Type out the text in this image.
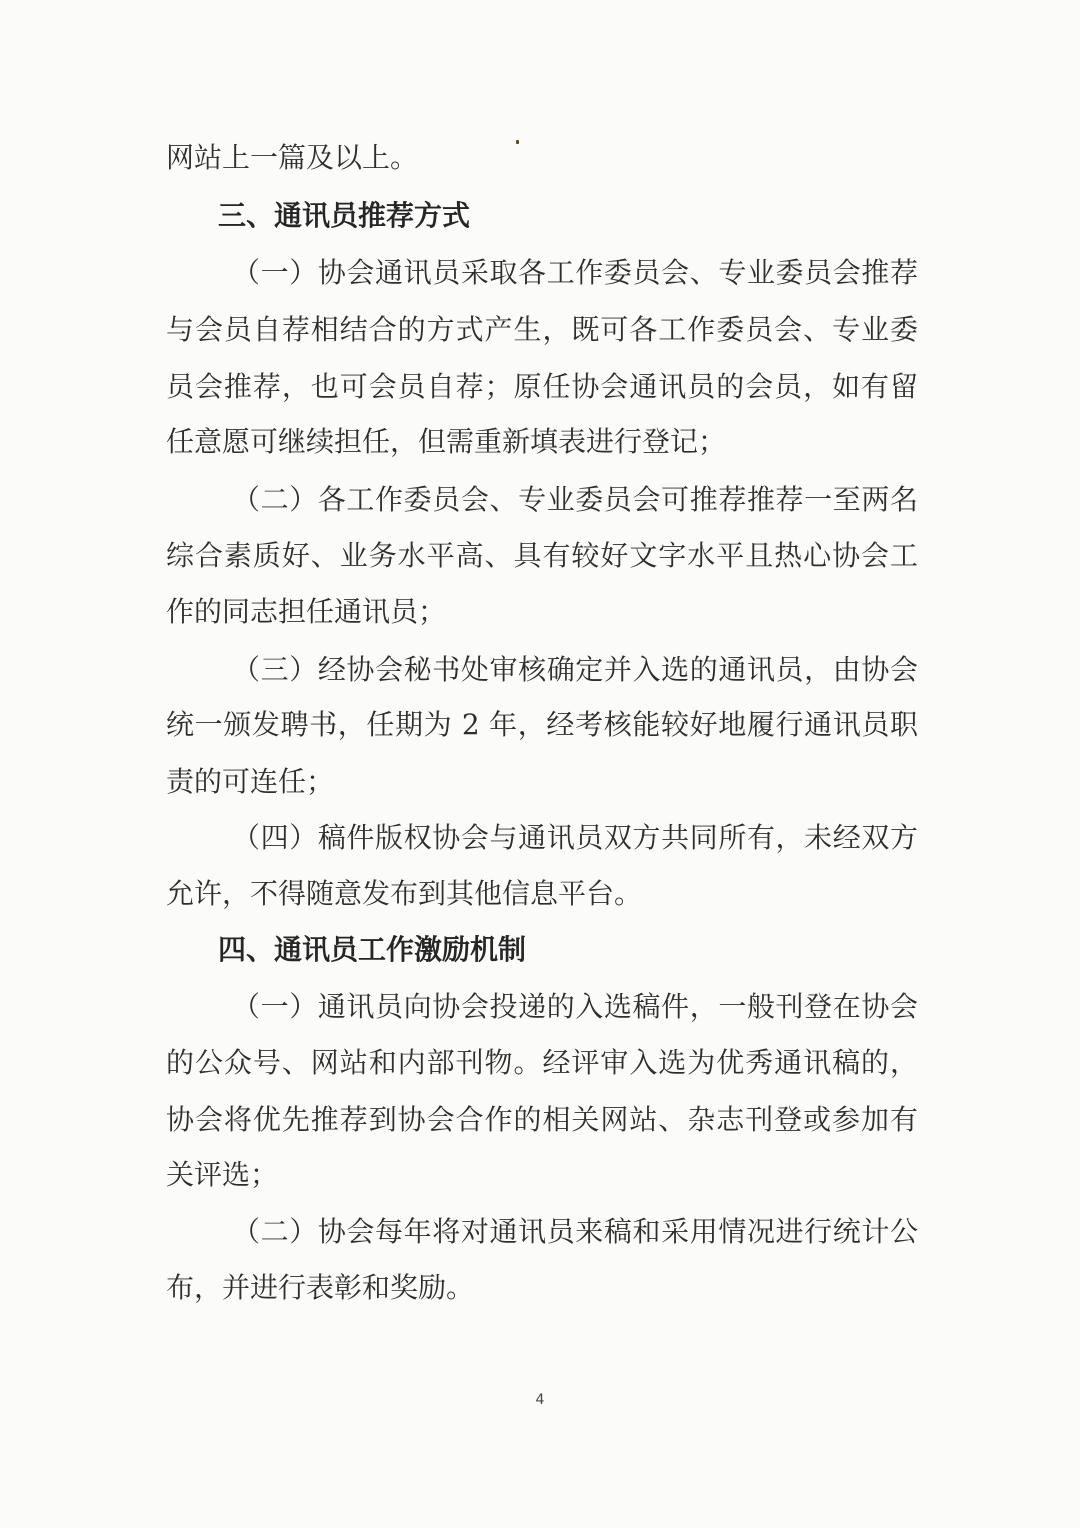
网站上一篇及以上。
三、通讯员推荐方式
（一）协会通讯员采取各工作委员会、专业委员会推荐
与会员自荐相结合的方式产生，既可各工作委员会、专业委
员会推荐，也可会员自荐；原任协会通讯员的会员，如有留
任意愿可继续担任，但需重新填表进行登记；
（二）各工作委员会、专业委员会可推荐推荐一至两名
综合素质好、业务水平高、具有较好文字水平且热心协会工
作的同志担任通讯员；
（三）经协会秘书处审核确定并入选的通讯员，由协会
统一颁发聘书，任期为 2 年，经考核能较好地履行通讯员职
责的可连任；
（四）稿件版权协会与通讯员双方共同所有，未经双方
允许，不得随意发布到其他信息平台。
四、通讯员工作激励机制
（一）通讯员向协会投递的入选稿件，一般刊登在协会
的公众号、网站和内部刊物。经评审入选为优秀通讯稿的，
协会将优先推荐到协会合作的相关网站、杂志刊登或参加有
关评选；
（二）协会每年将对通讯员来稿和采用情况进行统计公
布，并进行表彰和奖励。
4
